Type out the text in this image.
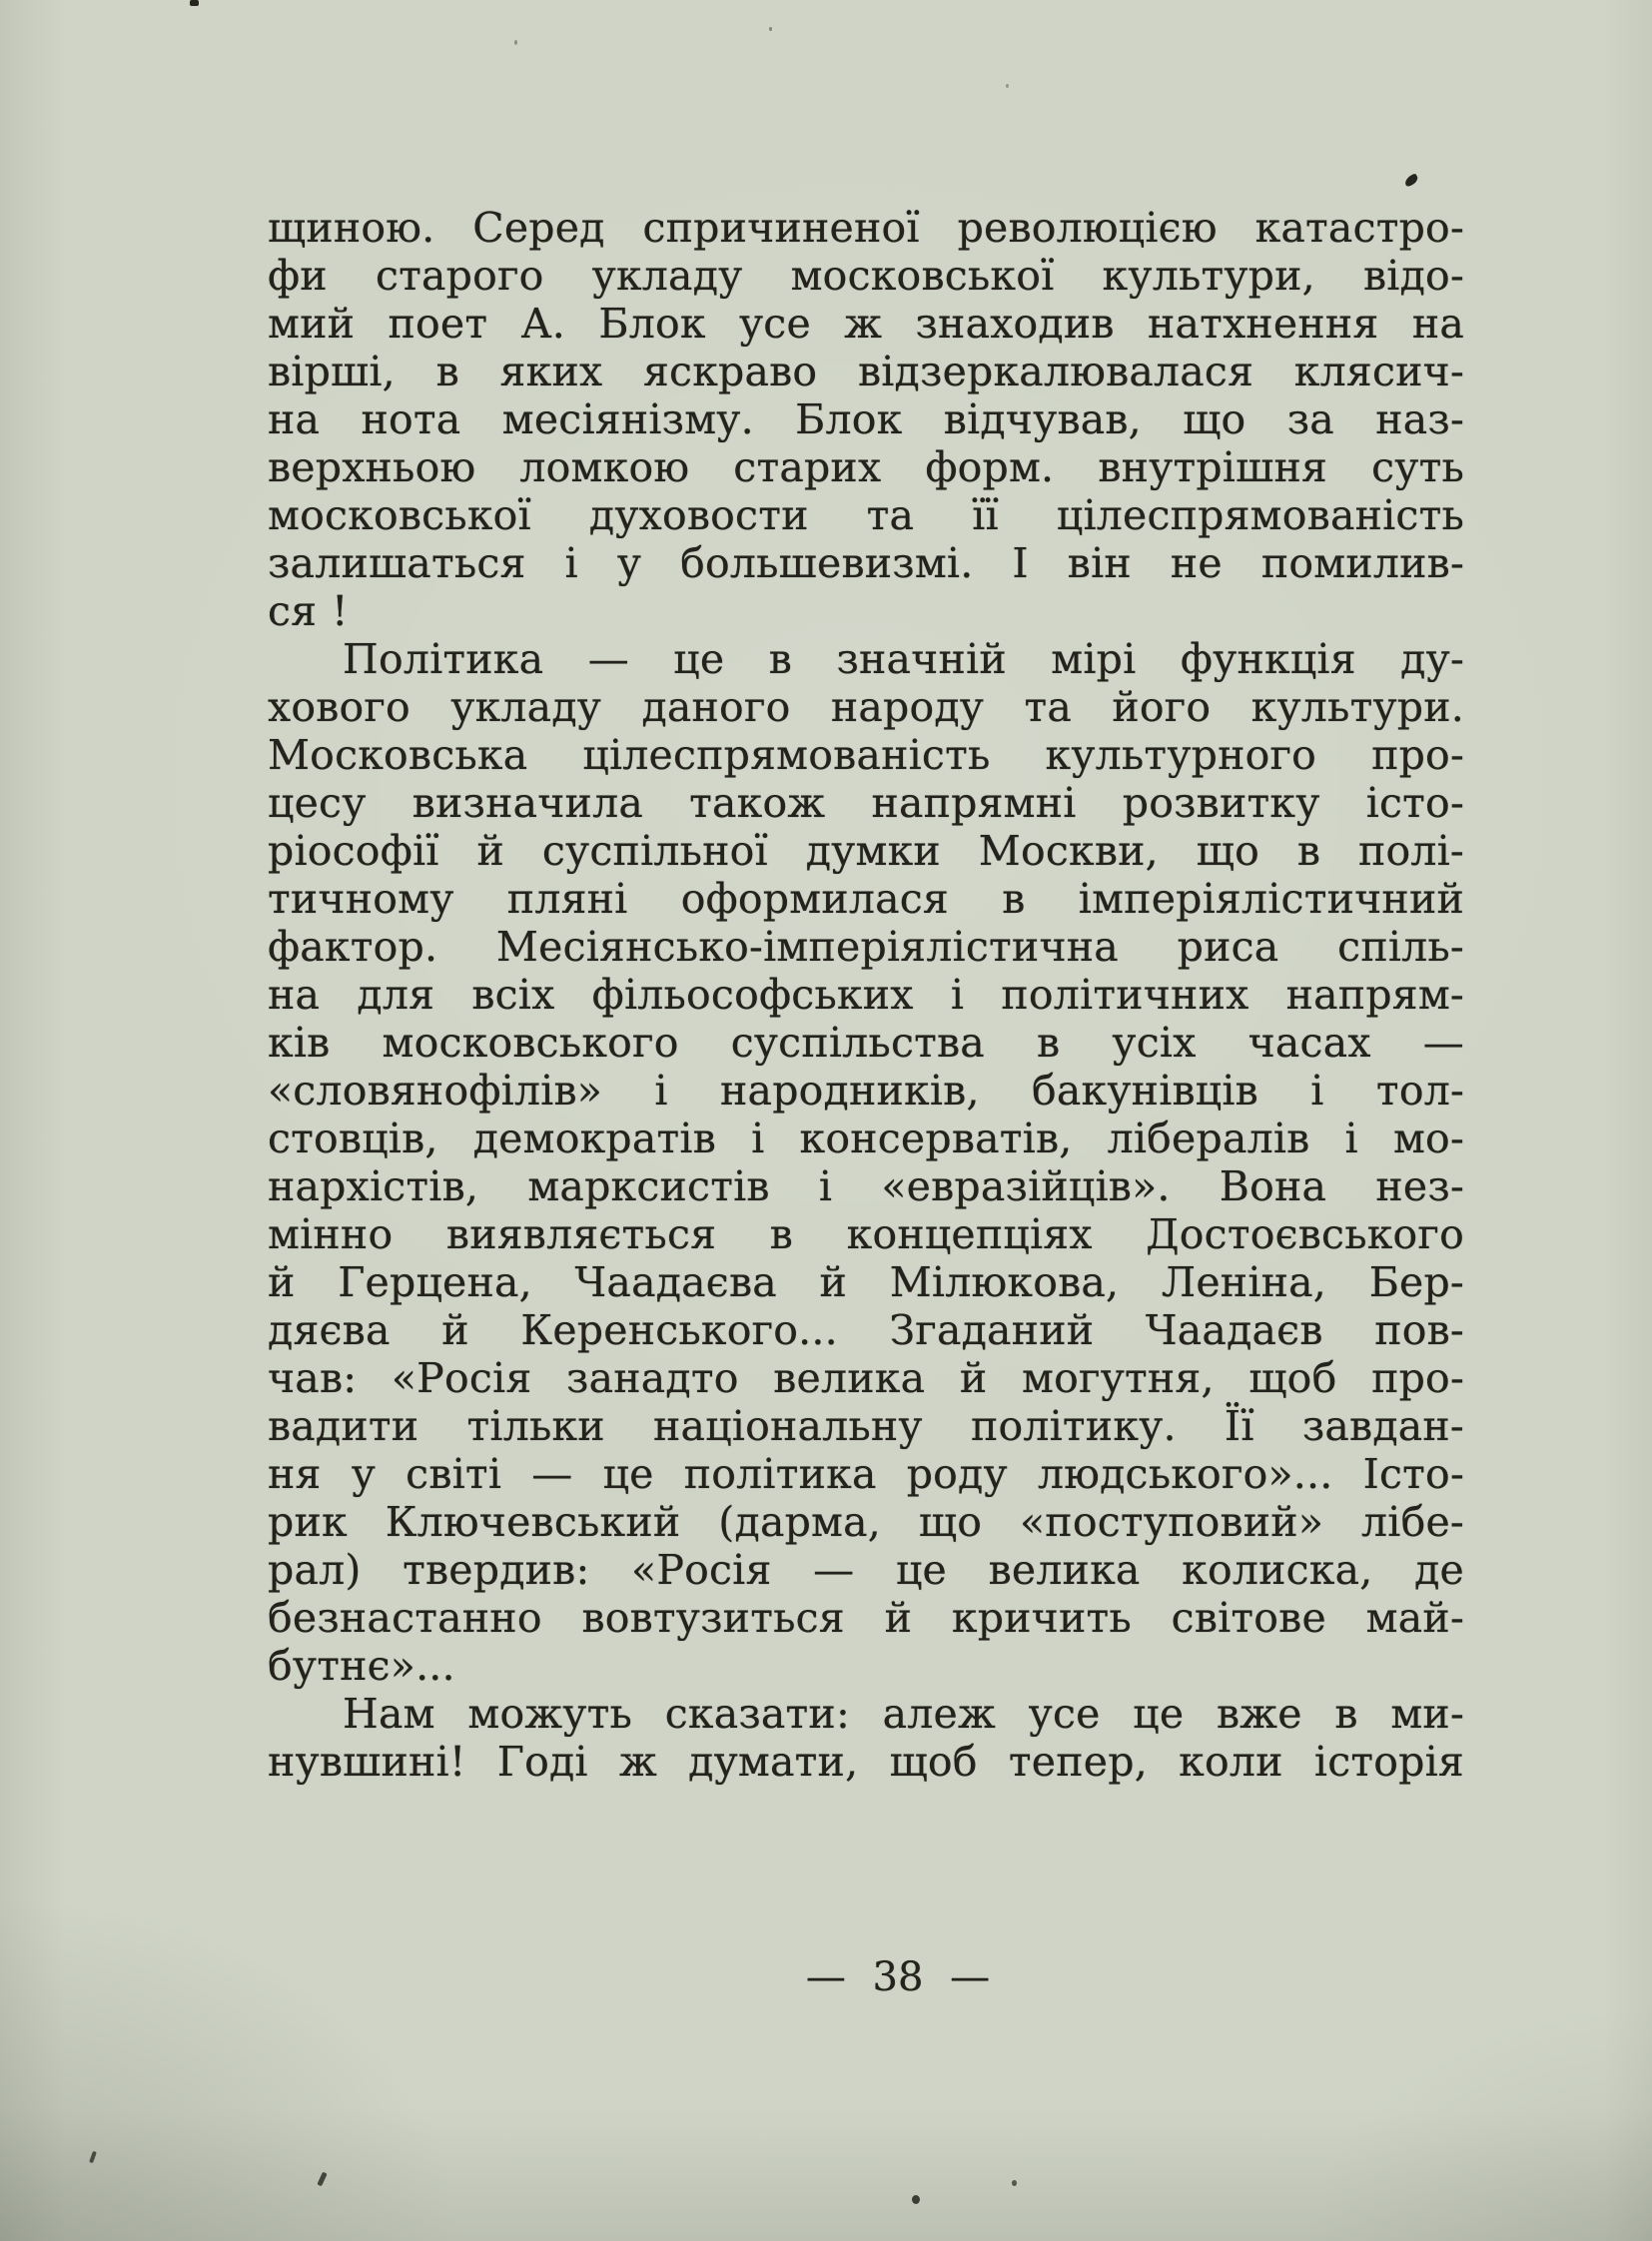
щиною. Серед спричиненої революцією катастро-
фи старого укладу московської культури, відо-
мий поет А. Блок усе ж знаходив натхнення на
вірші, в яких яскраво відзеркалювалася клясич-
на нота месіянізму. Блок відчував, що за наз-
верхньою ломкою старих форм. внутрішня суть
московської духовости та її цілеспрямованість
залишаться і у большевизмі. І він не помилив-
ся !
Політика — це в значній мірі функція ду-
хового укладу даного народу та його культури.
Московська цілеспрямованість культурного про-
цесу визначила також напрямні розвитку істо-
ріософії й суспільної думки Москви, що в полі-
тичному пляні оформилася в імперіялістичний
фактор. Месіянсько-імперіялістична риса спіль-
на для всіх фільософських і політичних напрям-
ків московського суспільства в усіх часах —
«словянофілів» і народників, бакунівців і тол-
стовців, демократів і консерватів, лібералів і мо-
нархістів, марксистів і «евразійців». Вона нез-
мінно виявляється в концепціях Достоєвського
й Герцена, Чаадаєва й Мілюкова, Леніна, Бер-
дяєва й Керенського... Згаданий Чаадаєв пов-
чав: «Росія занадто велика й могутня, щоб про-
вадити тільки національну політику. Її завдан-
ня у світі — це політика роду людського»... Істо-
рик Ключевський (дарма, що «поступовий» лібе-
рал) твердив: «Росія — це велика колиска, де
безнастанно вовтузиться й кричить світове май-
бутнє»...
Нам можуть сказати: алеж усе це вже в ми-
нувшині! Годі ж думати, щоб тепер, коли історія
— 38 —
